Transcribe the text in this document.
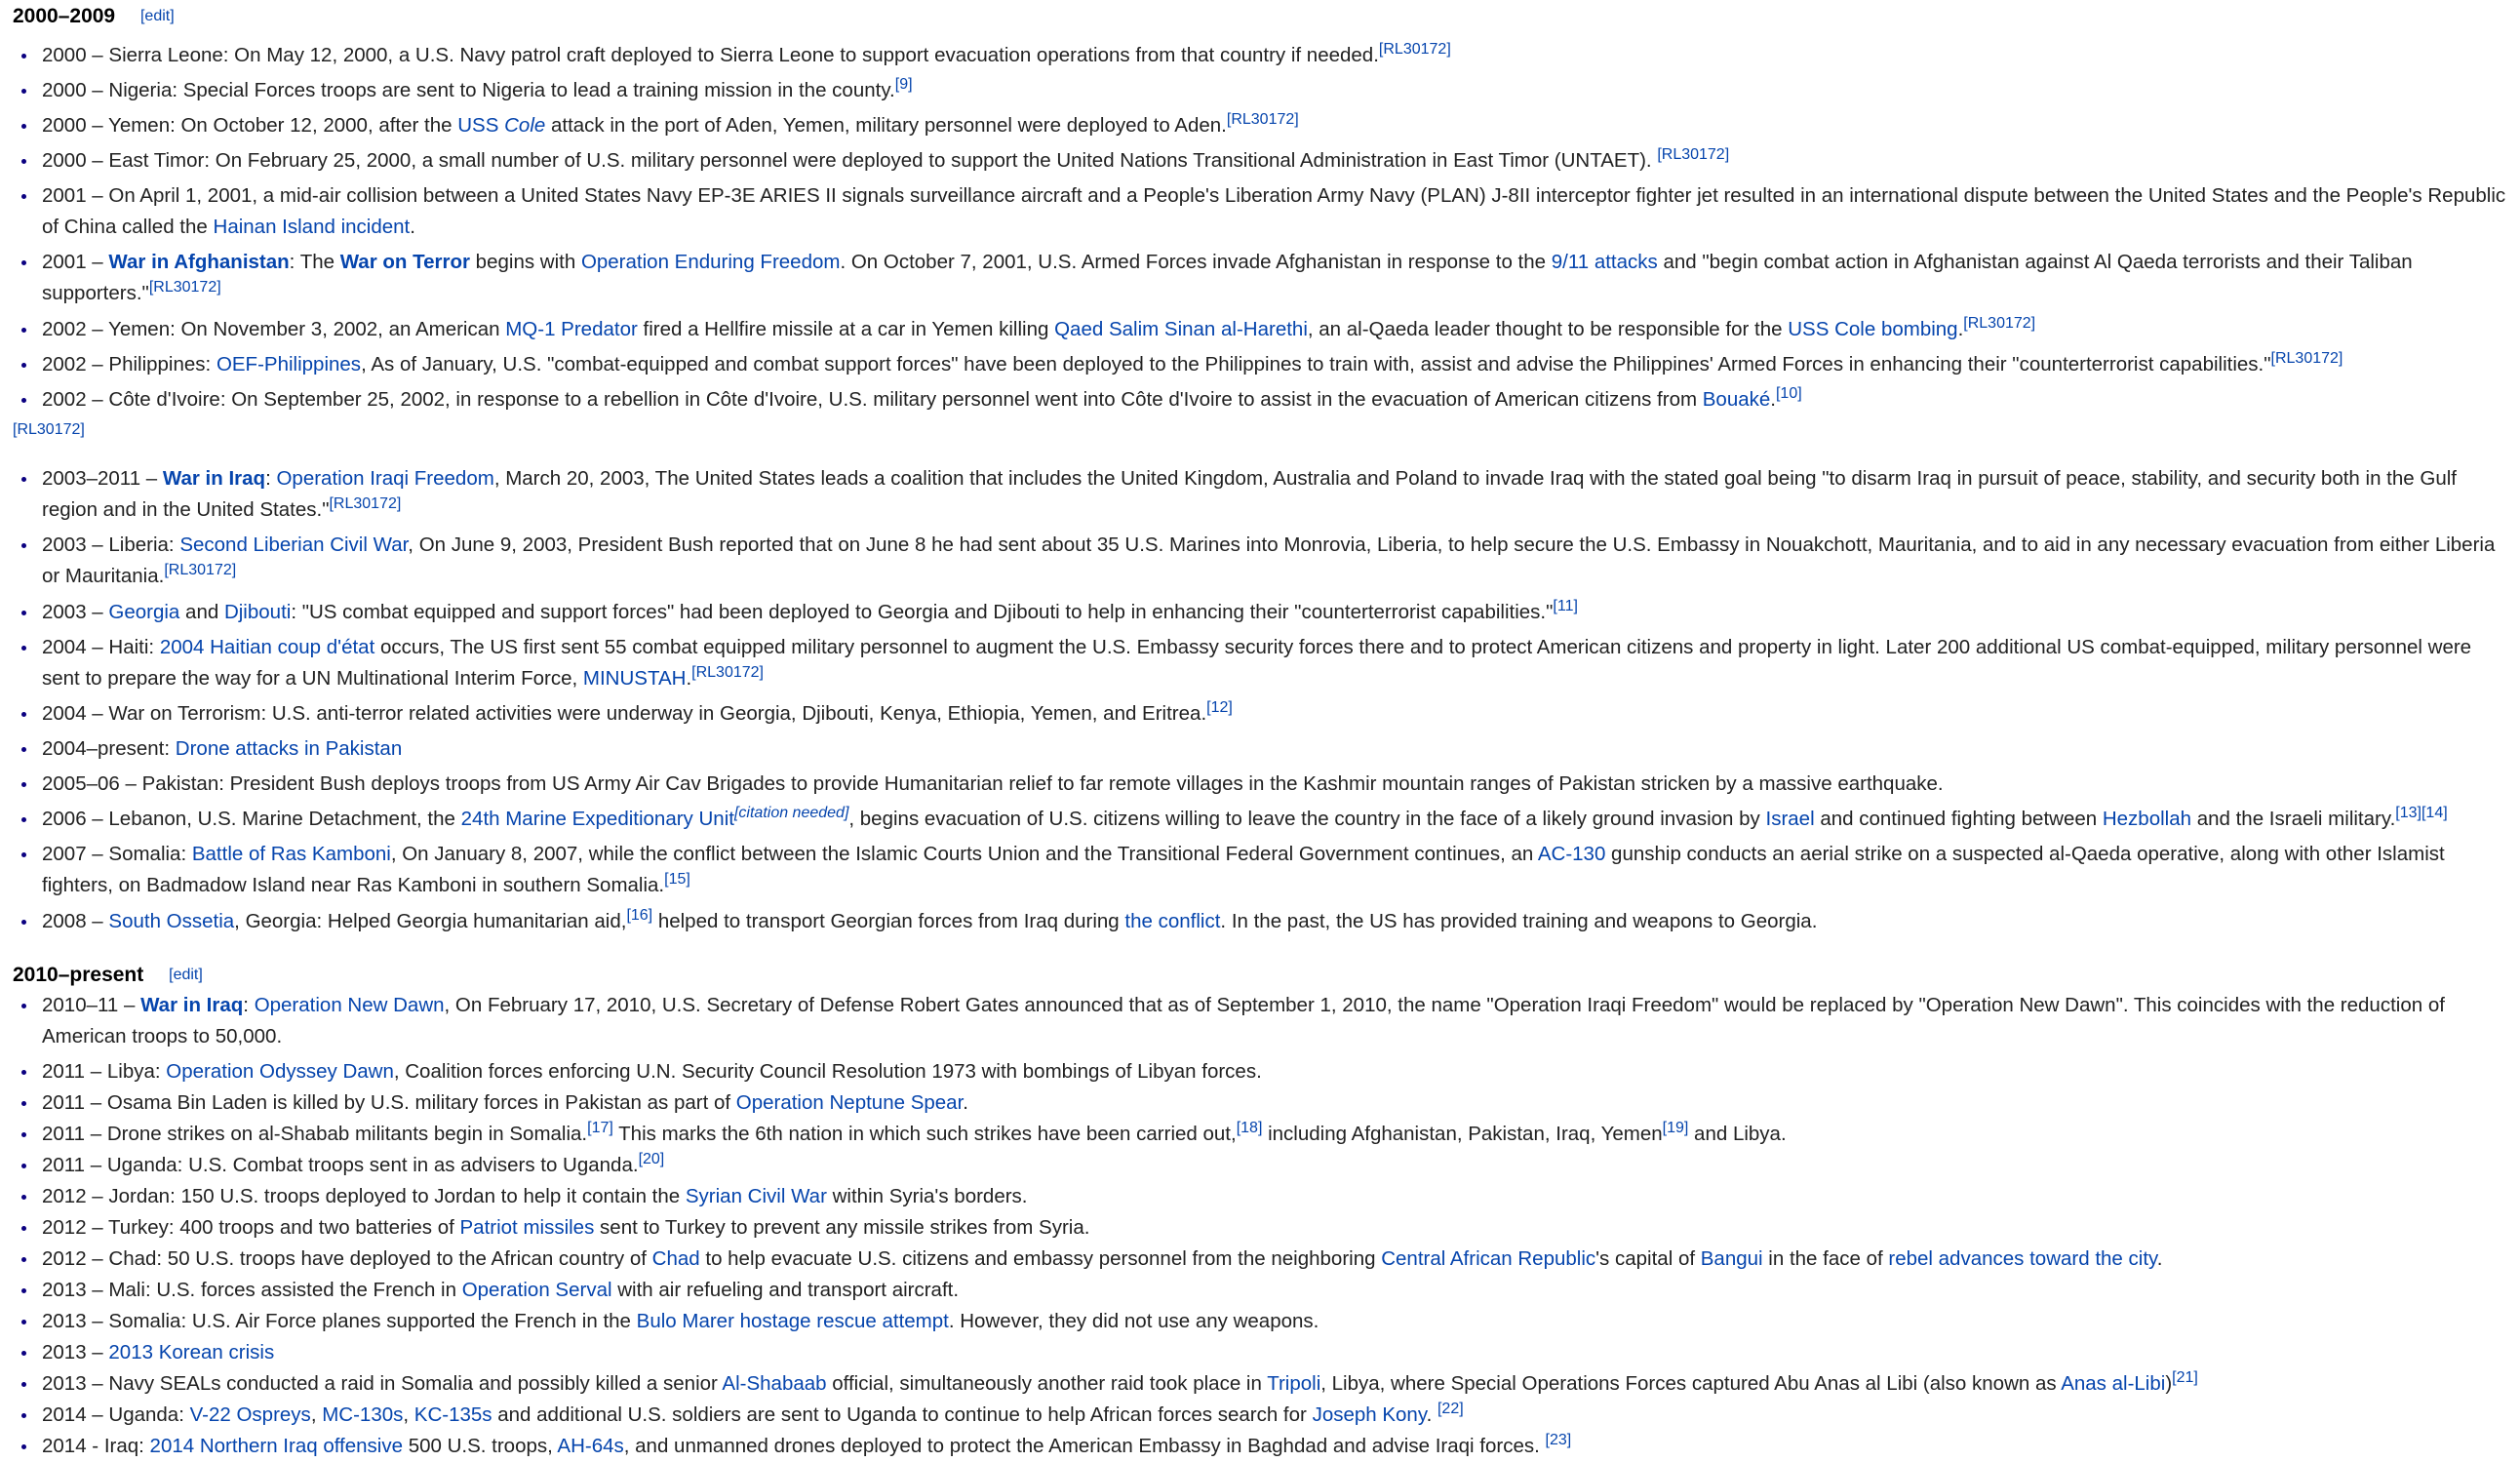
2000–2009 [edit]
[RL30172]
2010–present [edit]
2000 – Sierra Leone: On May 12, 2000, a U.S. Navy patrol craft deployed to Sierra Leone to support evacuation operations from that country if needed.[RL30172]
2000 – Nigeria: Special Forces troops are sent to Nigeria to lead a training mission in the county.[9]
2000 – Yemen: On October 12, 2000, after the USS Cole attack in the port of Aden, Yemen, military personnel were deployed to Aden.[RL30172]
2000 – East Timor: On February 25, 2000, a small number of U.S. military personnel were deployed to support the United Nations Transitional Administration in East Timor (UNTAET). [RL30172]
2001 – On April 1, 2001, a mid-air collision between a United States Navy EP-3E ARIES II signals surveillance aircraft and a People's Liberation Army Navy (PLAN) J-8II interceptor fighter jet resulted in an international dispute between the United States and the People's Republic of China called the Hainan Island incident.
2001 – War in Afghanistan: The War on Terror begins with Operation Enduring Freedom. On October 7, 2001, U.S. Armed Forces invade Afghanistan in response to the 9/11 attacks and "begin combat action in Afghanistan against Al Qaeda terrorists and their Taliban supporters."[RL30172]
2002 – Yemen: On November 3, 2002, an American MQ-1 Predator fired a Hellfire missile at a car in Yemen killing Qaed Salim Sinan al-Harethi, an al-Qaeda leader thought to be responsible for the USS Cole bombing.[RL30172]
2002 – Philippines: OEF-Philippines, As of January, U.S. "combat-equipped and combat support forces" have been deployed to the Philippines to train with, assist and advise the Philippines' Armed Forces in enhancing their "counterterrorist capabilities."[RL30172]
2002 – Côte d'Ivoire: On September 25, 2002, in response to a rebellion in Côte d'Ivoire, U.S. military personnel went into Côte d'Ivoire to assist in the evacuation of American citizens from Bouaké.[10]
2003–2011 – War in Iraq: Operation Iraqi Freedom, March 20, 2003, The United States leads a coalition that includes the United Kingdom, Australia and Poland to invade Iraq with the stated goal being "to disarm Iraq in pursuit of peace, stability, and security both in the Gulf region and in the United States."[RL30172]
2003 – Liberia: Second Liberian Civil War, On June 9, 2003, President Bush reported that on June 8 he had sent about 35 U.S. Marines into Monrovia, Liberia, to help secure the U.S. Embassy in Nouakchott, Mauritania, and to aid in any necessary evacuation from either Liberia or Mauritania.[RL30172]
2003 – Georgia and Djibouti: "US combat equipped and support forces" had been deployed to Georgia and Djibouti to help in enhancing their "counterterrorist capabilities."[11]
2004 – Haiti: 2004 Haitian coup d'état occurs, The US first sent 55 combat equipped military personnel to augment the U.S. Embassy security forces there and to protect American citizens and property in light. Later 200 additional US combat-equipped, military personnel were sent to prepare the way for a UN Multinational Interim Force, MINUSTAH.[RL30172]
2004 – War on Terrorism: U.S. anti-terror related activities were underway in Georgia, Djibouti, Kenya, Ethiopia, Yemen, and Eritrea.[12]
2004–present: Drone attacks in Pakistan
2005–06 – Pakistan: President Bush deploys troops from US Army Air Cav Brigades to provide Humanitarian relief to far remote villages in the Kashmir mountain ranges of Pakistan stricken by a massive earthquake.
2006 – Lebanon, U.S. Marine Detachment, the 24th Marine Expeditionary Unit[citation needed], begins evacuation of U.S. citizens willing to leave the country in the face of a likely ground invasion by Israel and continued fighting between Hezbollah and the Israeli military.[13][14]
2007 – Somalia: Battle of Ras Kamboni, On January 8, 2007, while the conflict between the Islamic Courts Union and the Transitional Federal Government continues, an AC-130 gunship conducts an aerial strike on a suspected al-Qaeda operative, along with other Islamist fighters, on Badmadow Island near Ras Kamboni in southern Somalia.[15]
2008 – South Ossetia, Georgia: Helped Georgia humanitarian aid,[16] helped to transport Georgian forces from Iraq during the conflict. In the past, the US has provided training and weapons to Georgia.
2010–11 – War in Iraq: Operation New Dawn, On February 17, 2010, U.S. Secretary of Defense Robert Gates announced that as of September 1, 2010, the name "Operation Iraqi Freedom" would be replaced by "Operation New Dawn". This coincides with the reduction of American troops to 50,000.
2011 – Libya: Operation Odyssey Dawn, Coalition forces enforcing U.N. Security Council Resolution 1973 with bombings of Libyan forces.
2011 – Osama Bin Laden is killed by U.S. military forces in Pakistan as part of Operation Neptune Spear.
2011 – Drone strikes on al-Shabab militants begin in Somalia.[17] This marks the 6th nation in which such strikes have been carried out,[18] including Afghanistan, Pakistan, Iraq, Yemen[19] and Libya.
2011 – Uganda: U.S. Combat troops sent in as advisers to Uganda.[20]
2012 – Jordan: 150 U.S. troops deployed to Jordan to help it contain the Syrian Civil War within Syria's borders.
2012 – Turkey: 400 troops and two batteries of Patriot missiles sent to Turkey to prevent any missile strikes from Syria.
2012 – Chad: 50 U.S. troops have deployed to the African country of Chad to help evacuate U.S. citizens and embassy personnel from the neighboring Central African Republic's capital of Bangui in the face of rebel advances toward the city.
2013 – Mali: U.S. forces assisted the French in Operation Serval with air refueling and transport aircraft.
2013 – Somalia: U.S. Air Force planes supported the French in the Bulo Marer hostage rescue attempt. However, they did not use any weapons.
2013 – 2013 Korean crisis
2013 – Navy SEALs conducted a raid in Somalia and possibly killed a senior Al-Shabaab official, simultaneously another raid took place in Tripoli, Libya, where Special Operations Forces captured Abu Anas al Libi (also known as Anas al-Libi)[21]
2014 – Uganda: V-22 Ospreys, MC-130s, KC-135s and additional U.S. soldiers are sent to Uganda to continue to help African forces search for Joseph Kony. [22]
2014 - Iraq: 2014 Northern Iraq offensive 500 U.S. troops, AH-64s, and unmanned drones deployed to protect the American Embassy in Baghdad and advise Iraqi forces. [23]
